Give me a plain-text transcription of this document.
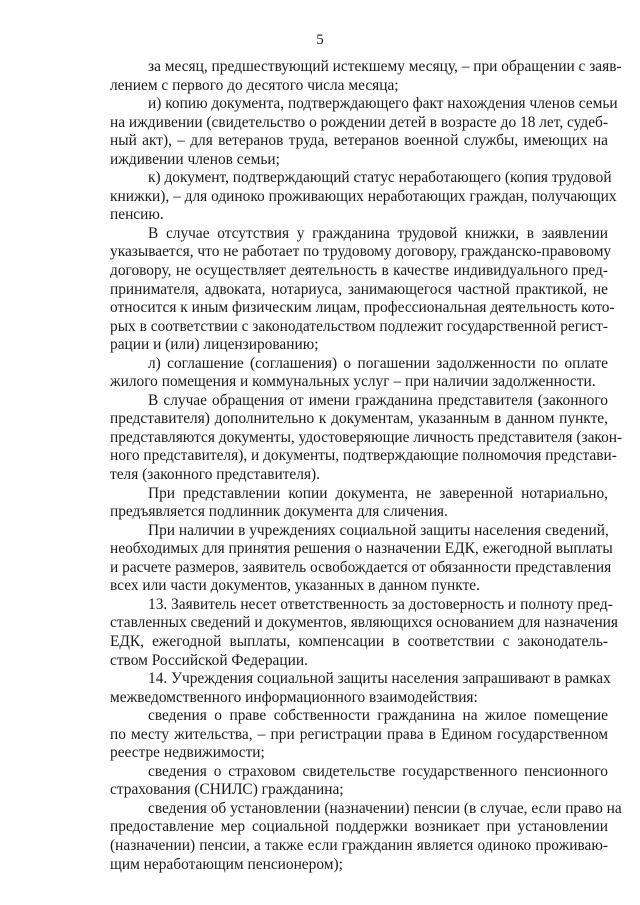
5
за месяц, предшествующий истекшему месяцу, – при обращении с заяв-
лением с первого до десятого числа месяца;
и) копию документа, подтверждающего факт нахождения членов семьи
на иждивении (свидетельство о рождении детей в возрасте до 18 лет, судеб-
ный акт), – для ветеранов труда, ветеранов военной службы, имеющих на
иждивении членов семьи;
к) документ, подтверждающий статус неработающего (копия трудовой
книжки), – для одиноко проживающих неработающих граждан, получающих
пенсию.
В случае отсутствия у гражданина трудовой книжки, в заявлении
указывается, что не работает по трудовому договору, гражданско-правовому
договору, не осуществляет деятельность в качестве индивидуального пред-
принимателя, адвоката, нотариуса, занимающегося частной практикой, не
относится к иным физическим лицам, профессиональная деятельность кото-
рых в соответствии с законодательством подлежит государственной регист-
рации и (или) лицензированию;
л) соглашение (соглашения) о погашении задолженности по оплате
жилого помещения и коммунальных услуг – при наличии задолженности.
В случае обращения от имени гражданина представителя (законного
представителя) дополнительно к документам, указанным в данном пункте,
представляются документы, удостоверяющие личность представителя (закон-
ного представителя), и документы, подтверждающие полномочия представи-
теля (законного представителя).
При представлении копии документа, не заверенной нотариально,
предъявляется подлинник документа для сличения.
При наличии в учреждениях социальной защиты населения сведений,
необходимых для принятия решения о назначении ЕДК, ежегодной выплаты
и расчете размеров, заявитель освобождается от обязанности представления
всех или части документов, указанных в данном пункте.
13. Заявитель несет ответственность за достоверность и полноту пред-
ставленных сведений и документов, являющихся основанием для назначения
ЕДК, ежегодной выплаты, компенсации в соответствии с законодатель-
ством Российской Федерации.
14. Учреждения социальной защиты населения запрашивают в рамках
межведомственного информационного взаимодействия:
сведения о праве собственности гражданина на жилое помещение
по месту жительства, – при регистрации права в Едином государственном
реестре недвижимости;
сведения о страховом свидетельстве государственного пенсионного
страхования (СНИЛС) гражданина;
сведения об установлении (назначении) пенсии (в случае, если право на
предоставление мер социальной поддержки возникает при установлении
(назначении) пенсии, а также если гражданин является одиноко проживаю-
щим неработающим пенсионером);
